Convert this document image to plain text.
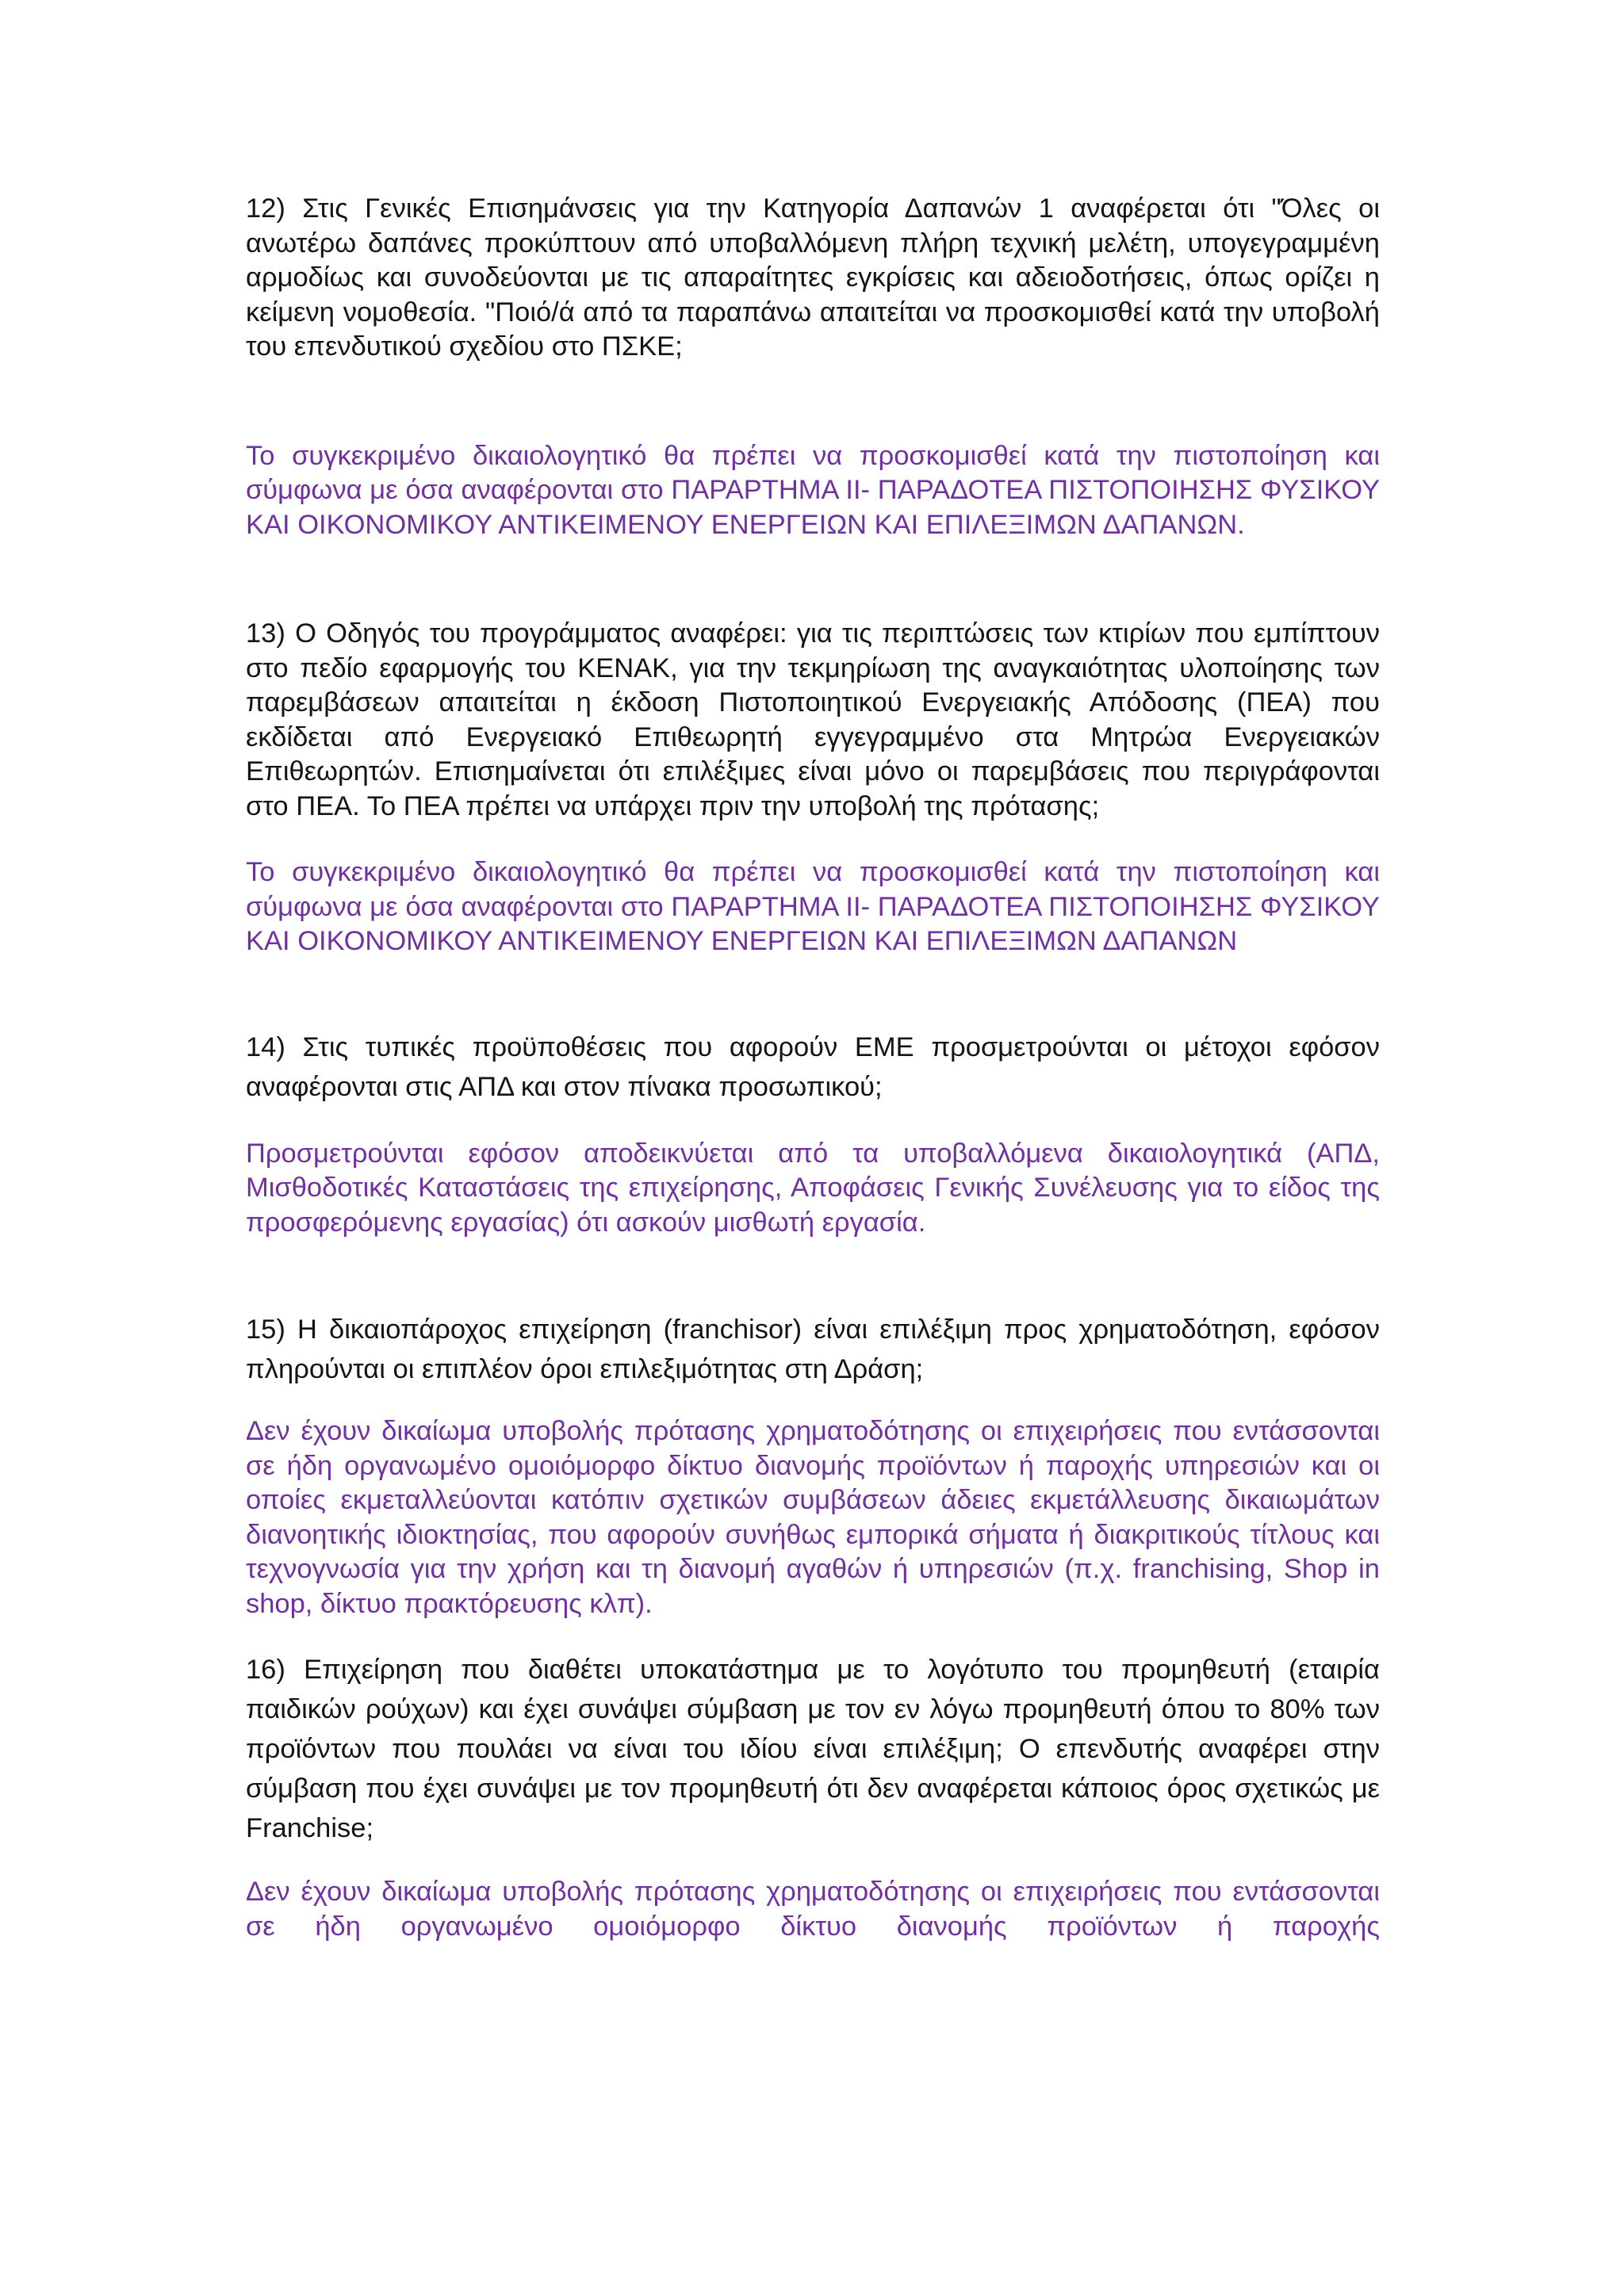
12) Στις Γενικές Επισημάνσεις για την Κατηγορία Δαπανών 1 αναφέρεται ότι "Όλες οι ανωτέρω δαπάνες προκύπτουν από υποβαλλόμενη πλήρη τεχνική μελέτη, υπογεγραμμένη αρμοδίως και συνοδεύονται με τις απαραίτητες εγκρίσεις και αδειοδοτήσεις, όπως ορίζει η κείμενη νομοθεσία. "Ποιό/ά από τα παραπάνω απαιτείται να προσκομισθεί κατά την υποβολή του επενδυτικού σχεδίου στο ΠΣΚΕ;

Το συγκεκριμένο δικαιολογητικό θα πρέπει να προσκομισθεί κατά την πιστοποίηση και σύμφωνα με όσα αναφέρονται στο ΠΑΡΑΡΤΗΜΑ ΙΙ- ΠΑΡΑΔΟΤΕΑ ΠΙΣΤΟΠΟΙΗΣΗΣ ΦΥΣΙΚΟΥ ΚΑΙ ΟΙΚΟΝΟΜΙΚΟΥ ΑΝΤΙΚΕΙΜΕΝΟΥ ΕΝΕΡΓΕΙΩΝ ΚΑΙ ΕΠΙΛΕΞΙΜΩΝ ΔΑΠΑΝΩΝ.

13) Ο Οδηγός του προγράμματος αναφέρει: για τις περιπτώσεις των κτιρίων που εμπίπτουν στο πεδίο εφαρμογής του ΚΕΝΑΚ, για την τεκμηρίωση της αναγκαιότητας υλοποίησης των παρεμβάσεων απαιτείται η έκδοση Πιστοποιητικού Ενεργειακής Απόδοσης (ΠΕΑ) που εκδίδεται από Ενεργειακό Επιθεωρητή εγγεγραμμένο στα Μητρώα Ενεργειακών Επιθεωρητών. Επισημαίνεται ότι επιλέξιμες είναι μόνο οι παρεμβάσεις που περιγράφονται στο ΠΕΑ. Το ΠΕΑ πρέπει να υπάρχει πριν την υποβολή της πρότασης;

Το συγκεκριμένο δικαιολογητικό θα πρέπει να προσκομισθεί κατά την πιστοποίηση και σύμφωνα με όσα αναφέρονται στο ΠΑΡΑΡΤΗΜΑ ΙΙ- ΠΑΡΑΔΟΤΕΑ ΠΙΣΤΟΠΟΙΗΣΗΣ ΦΥΣΙΚΟΥ ΚΑΙ ΟΙΚΟΝΟΜΙΚΟΥ ΑΝΤΙΚΕΙΜΕΝΟΥ ΕΝΕΡΓΕΙΩΝ ΚΑΙ ΕΠΙΛΕΞΙΜΩΝ ΔΑΠΑΝΩΝ

14) Στις τυπικές προϋποθέσεις που αφορούν ΕΜΕ προσμετρούνται οι μέτοχοι εφόσον αναφέρονται στις ΑΠΔ και στον πίνακα προσωπικού;

Προσμετρούνται εφόσον αποδεικνύεται από τα υποβαλλόμενα δικαιολογητικά (ΑΠΔ, Μισθοδοτικές Καταστάσεις της επιχείρησης, Αποφάσεις Γενικής Συνέλευσης για το είδος της προσφερόμενης εργασίας) ότι ασκούν μισθωτή εργασία.

15) Η δικαιοπάροχος επιχείρηση (franchisor) είναι επιλέξιμη προς χρηματοδότηση, εφόσον πληρούνται οι επιπλέον όροι επιλεξιμότητας στη Δράση;

Δεν έχουν δικαίωμα υποβολής πρότασης χρηματοδότησης οι επιχειρήσεις που εντάσσονται σε ήδη οργανωμένο ομοιόμορφο δίκτυο διανομής προϊόντων ή παροχής υπηρεσιών και οι οποίες εκμεταλλεύονται κατόπιν σχετικών συμβάσεων άδειες εκμετάλλευσης δικαιωμάτων διανοητικής ιδιοκτησίας, που αφορούν συνήθως εμπορικά σήματα ή διακριτικούς τίτλους και τεχνογνωσία για την χρήση και τη διανομή αγαθών ή υπηρεσιών (π.χ. franchising, Shop in shop, δίκτυο πρακτόρευσης κλπ).

16) Επιχείρηση που διαθέτει υποκατάστημα με το λογότυπο του προμηθευτή (εταιρία παιδικών ρούχων) και έχει συνάψει σύμβαση με τον εν λόγω προμηθευτή όπου το 80% των προϊόντων που πουλάει να είναι του ιδίου είναι επιλέξιμη; Ο επενδυτής αναφέρει στην σύμβαση που έχει συνάψει με τον προμηθευτή ότι δεν αναφέρεται κάποιος όρος σχετικώς με Franchise;

Δεν έχουν δικαίωμα υποβολής πρότασης χρηματοδότησης οι επιχειρήσεις που εντάσσονται σε ήδη οργανωμένο ομοιόμορφο δίκτυο διανομής προϊόντων ή παροχής
